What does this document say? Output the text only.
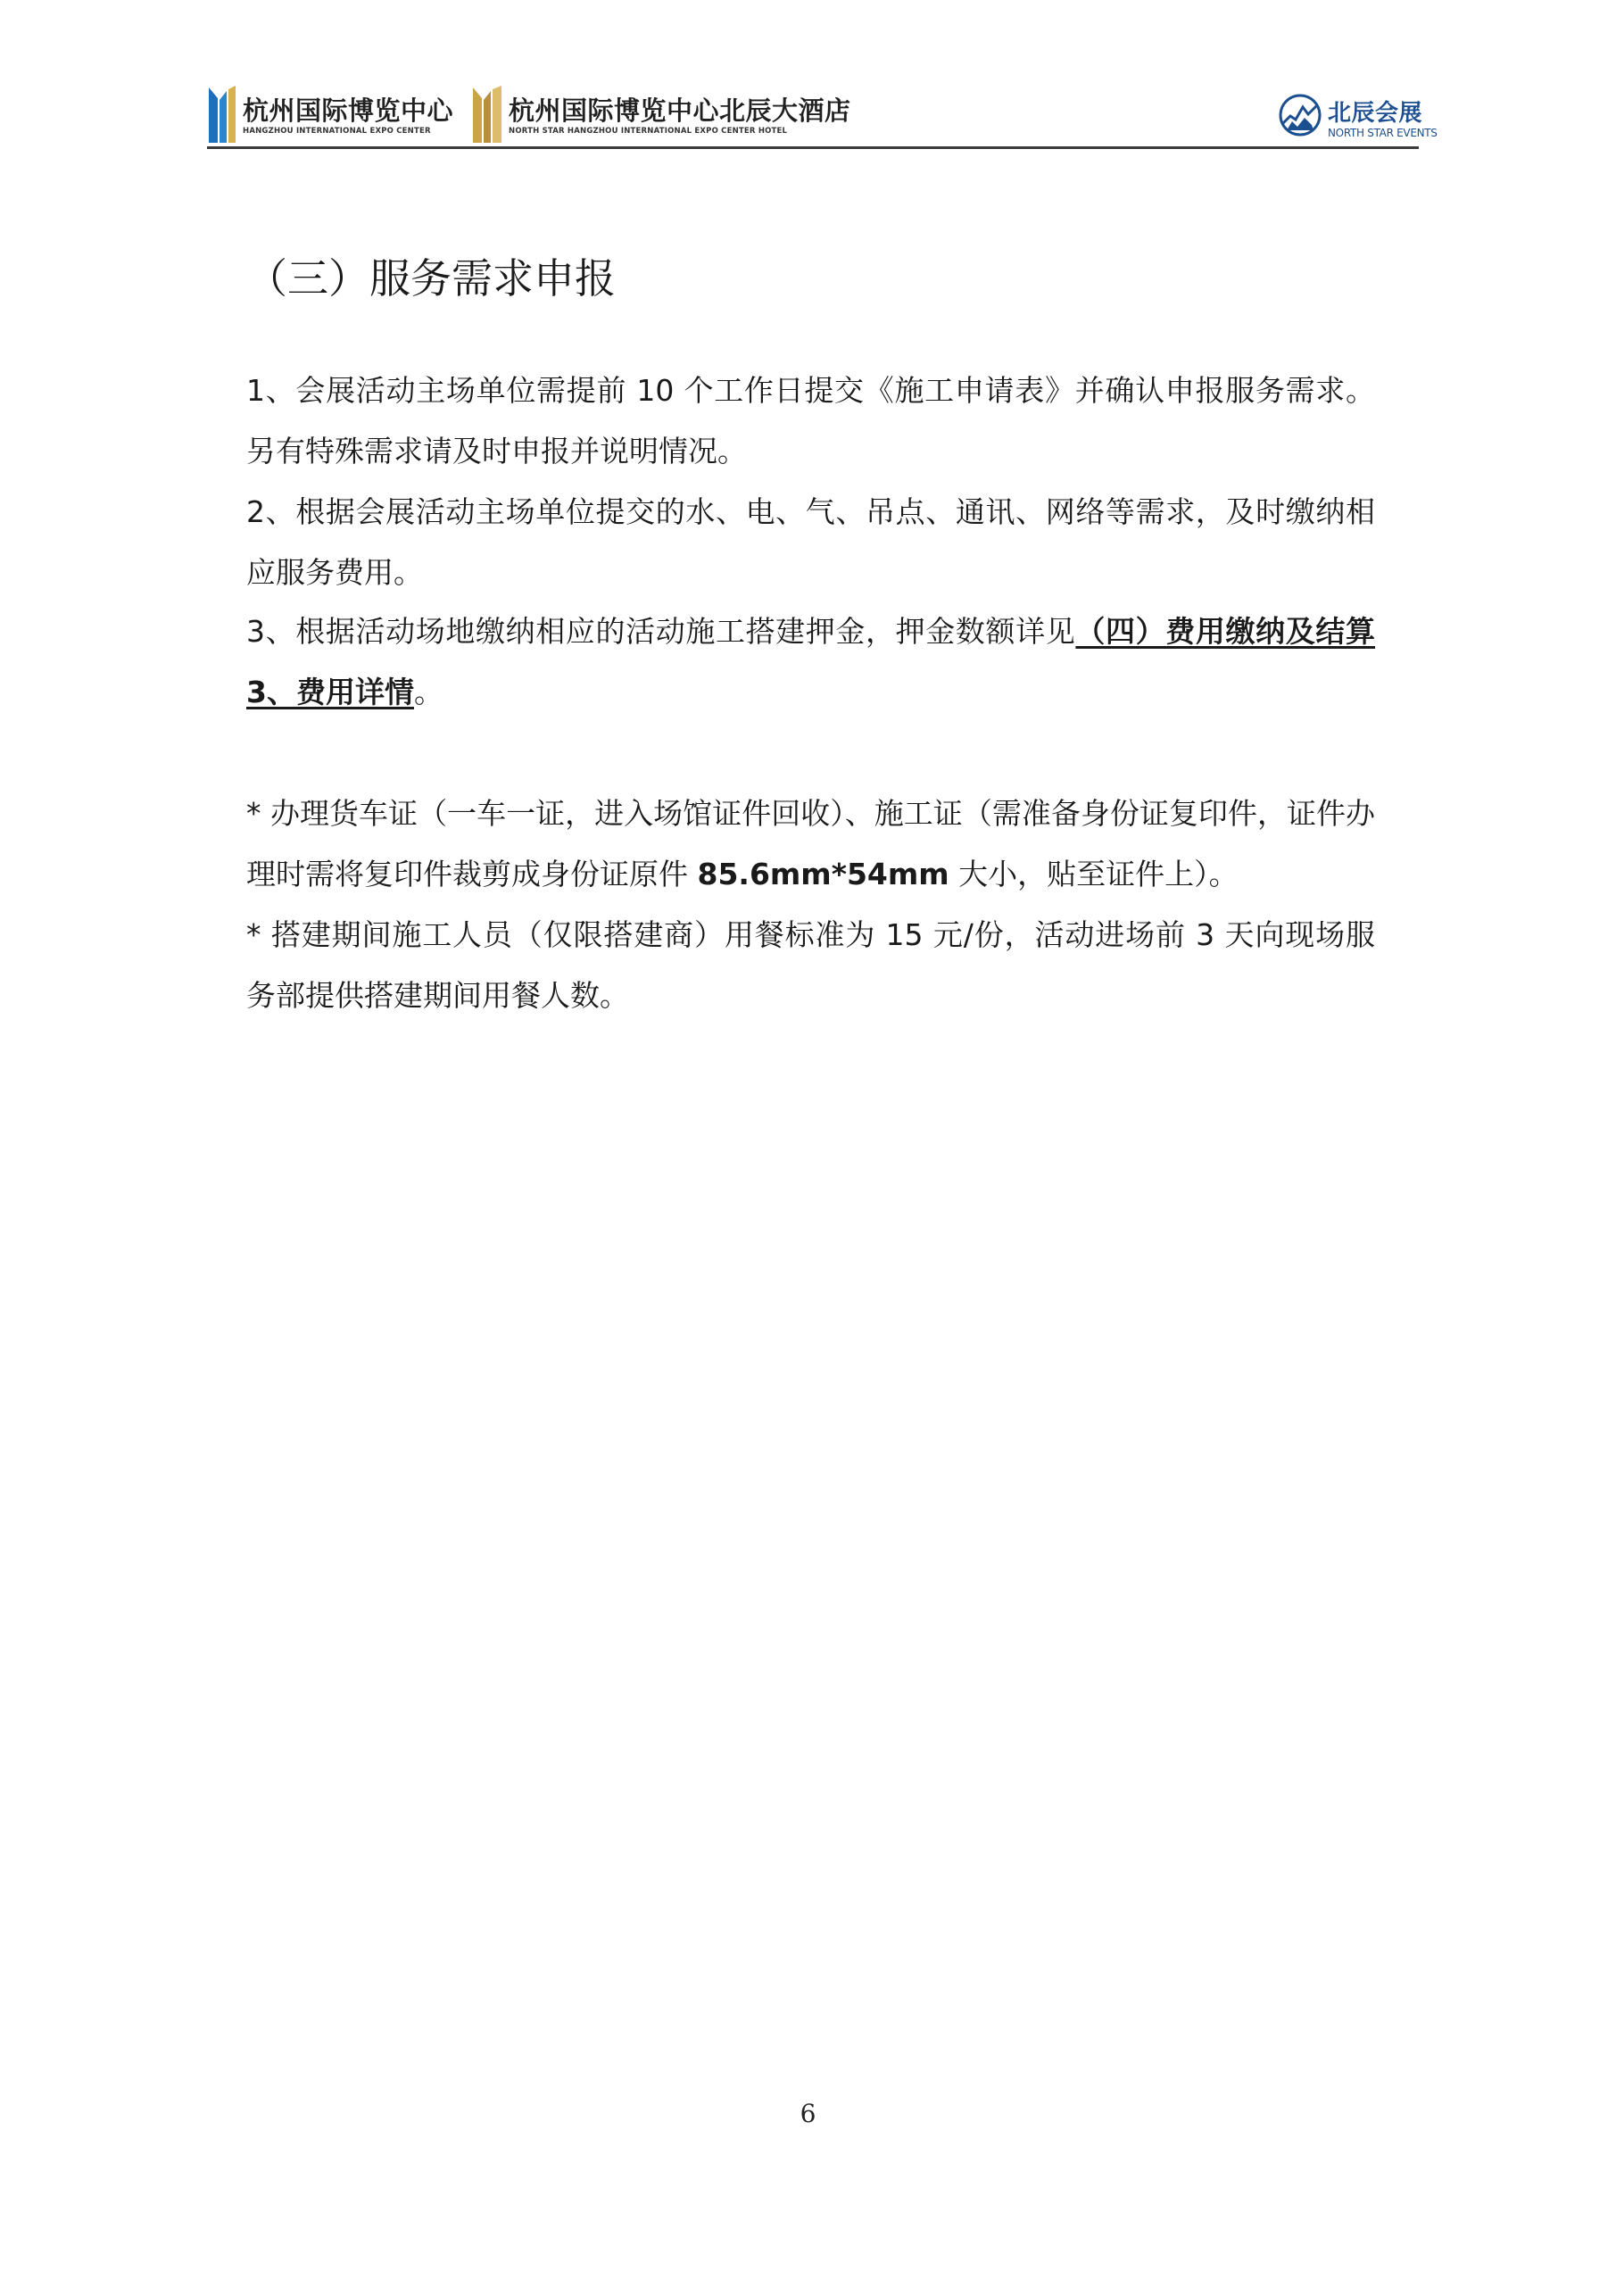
杭州国际博览中心
HANGZHOU INTERNATIONAL EXPO CENTER
杭州国际博览中心北辰大酒店
NORTH STAR HANGZHOU INTERNATIONAL EXPO CENTER HOTEL
北辰会展
NORTH STAR EVENTS
（三）服务需求申报
1、会展活动主场单位需提前 10 个工作日提交《施工申请表》并确认申报服务需求。另有特殊需求请及时申报并说明情况。
2、根据会展活动主场单位提交的水、电、气、吊点、通讯、网络等需求，及时缴纳相应服务费用。
3、根据活动场地缴纳相应的活动施工搭建押金，押金数额详见（四）费用缴纳及结算 3、费用详情。
* 办理货车证（一车一证，进入场馆证件回收）、施工证（需准备身份证复印件，证件办理时需将复印件裁剪成身份证原件 85.6mm*54mm 大小，贴至证件上）。
* 搭建期间施工人员（仅限搭建商）用餐标准为 15 元/份，活动进场前 3 天向现场服务部提供搭建期间用餐人数。
6
